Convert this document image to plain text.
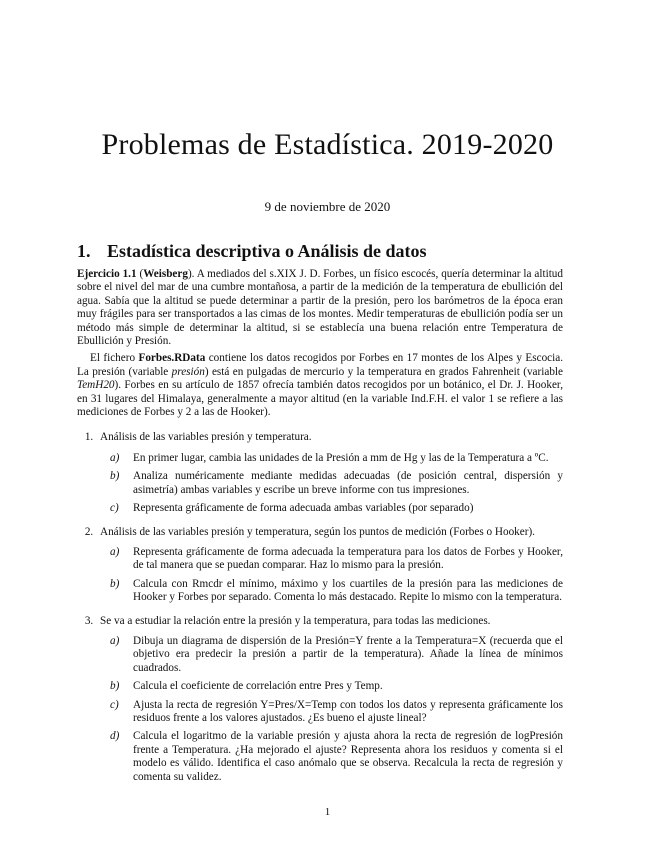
Problemas de Estadística. 2019-2020
9 de noviembre de 2020
1. Estadística descriptiva o Análisis de datos

Ejercicio 1.1 (Weisberg). A mediados del s.XIX J. D. Forbes, un físico escocés, quería determinar la altitud sobre el nivel del mar de una cumbre montañosa, a partir de la medición de la temperatura de ebullición del agua. Sabía que la altitud se puede determinar a partir de la presión, pero los barómetros de la época eran muy frágiles para ser transportados a las cimas de los montes. Medir temperaturas de ebullición podía ser un método más simple de determinar la altitud, si se establecía una buena relación entre Temperatura de Ebullición y Presión.

El fichero Forbes.RData contiene los datos recogidos por Forbes en 17 montes de los Alpes y Escocia. La presión (variable presión) está en pulgadas de mercurio y la temperatura en grados Fahrenheit (variable TemH20). Forbes en su artículo de 1857 ofrecía también datos recogidos por un botánico, el Dr. J. Hooker, en 31 lugares del Himalaya, generalmente a mayor altitud (en la variable Ind.F.H. el valor 1 se refiere a las mediciones de Forbes y 2 a las de Hooker).

1. Análisis de las variables presión y temperatura.
a) En primer lugar, cambia las unidades de la Presión a mm de Hg y las de la Temperatura a ºC.
b) Analiza numéricamente mediante medidas adecuadas (de posición central, dispersión y asimetría) ambas variables y escribe un breve informe con tus impresiones.
c) Representa gráficamente de forma adecuada ambas variables (por separado)
2. Análisis de las variables presión y temperatura, según los puntos de medición (Forbes o Hooker).
a) Representa gráficamente de forma adecuada la temperatura para los datos de Forbes y Hooker, de tal manera que se puedan comparar. Haz lo mismo para la presión.
b) Calcula con Rmcdr el mínimo, máximo y los cuartiles de la presión para las mediciones de Hooker y Forbes por separado. Comenta lo más destacado. Repite lo mismo con la temperatura.
3. Se va a estudiar la relación entre la presión y la temperatura, para todas las mediciones.
a) Dibuja un diagrama de dispersión de la Presión=Y frente a la Temperatura=X (recuerda que el objetivo era predecir la presión a partir de la temperatura). Añade la línea de mínimos cuadrados.
b) Calcula el coeficiente de correlación entre Pres y Temp.
c) Ajusta la recta de regresión Y=Pres/X=Temp con todos los datos y representa gráficamente los residuos frente a los valores ajustados. ¿Es bueno el ajuste lineal?
d) Calcula el logaritmo de la variable presión y ajusta ahora la recta de regresión de logPresión frente a Temperatura. ¿Ha mejorado el ajuste? Representa ahora los residuos y comenta si el modelo es válido. Identifica el caso anómalo que se observa. Recalcula la recta de regresión y comenta su validez.
1
